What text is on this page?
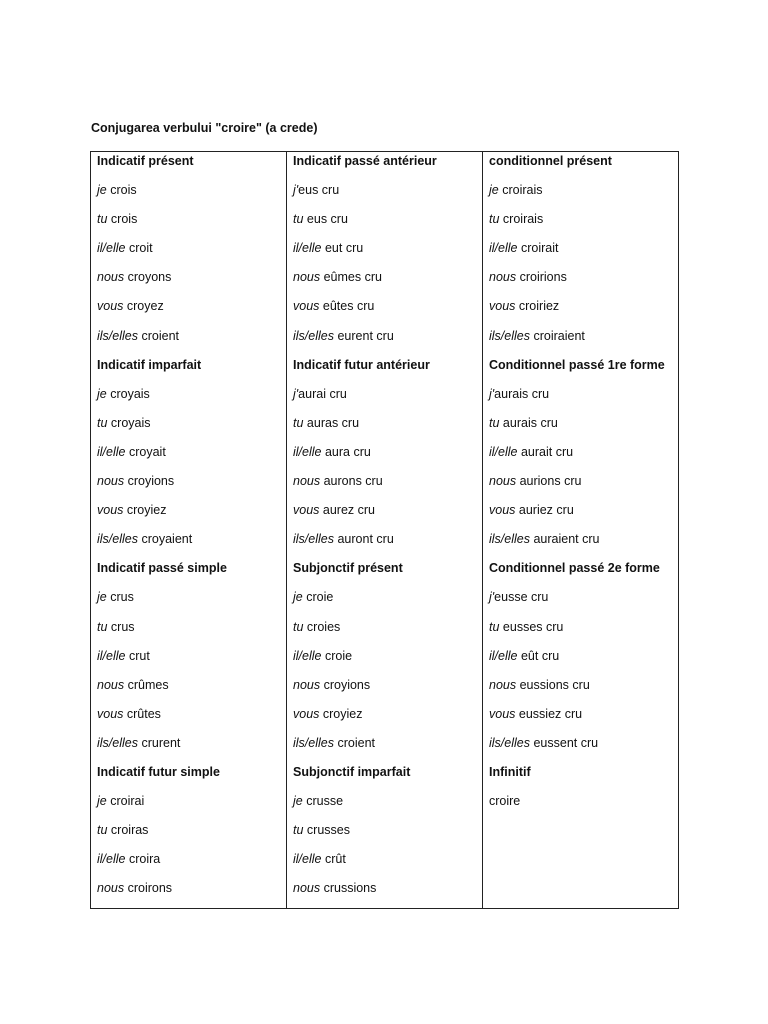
Conjugarea verbului "croire" (a crede)
Indicatif présent
je crois
tu crois
il/elle croit
nous croyons
vous croyez
ils/elles croient
Indicatif imparfait
je croyais
tu croyais
il/elle croyait
nous croyions
vous croyiez
ils/elles croyaient
Indicatif passé simple
je crus
tu crus
il/elle crut
nous crûmes
vous crûtes
ils/elles crurent
Indicatif futur simple
je croirai
tu croiras
il/elle croira
nous croirons

Indicatif passé antérieur
j'eus cru
tu eus cru
il/elle eut cru
nous eûmes cru
vous eûtes cru
ils/elles eurent cru
Indicatif futur antérieur
j'aurai cru
tu auras cru
il/elle aura cru
nous aurons cru
vous aurez cru
ils/elles auront cru
Subjonctif présent
je croie
tu croies
il/elle croie
nous croyions
vous croyiez
ils/elles croient
Subjonctif imparfait
je crusse
tu crusses
il/elle crût
nous crussions

conditionnel présent
je croirais
tu croirais
il/elle croirait
nous croirions
vous croiriez
ils/elles croiraient
Conditionnel passé 1re forme
j'aurais cru
tu aurais cru
il/elle aurait cru
nous aurions cru
vous auriez cru
ils/elles auraient cru
Conditionnel passé 2e forme
j'eusse cru
tu eusses cru
il/elle eût cru
nous eussions cru
vous eussiez cru
ils/elles eussent cru
Infinitif
croire
